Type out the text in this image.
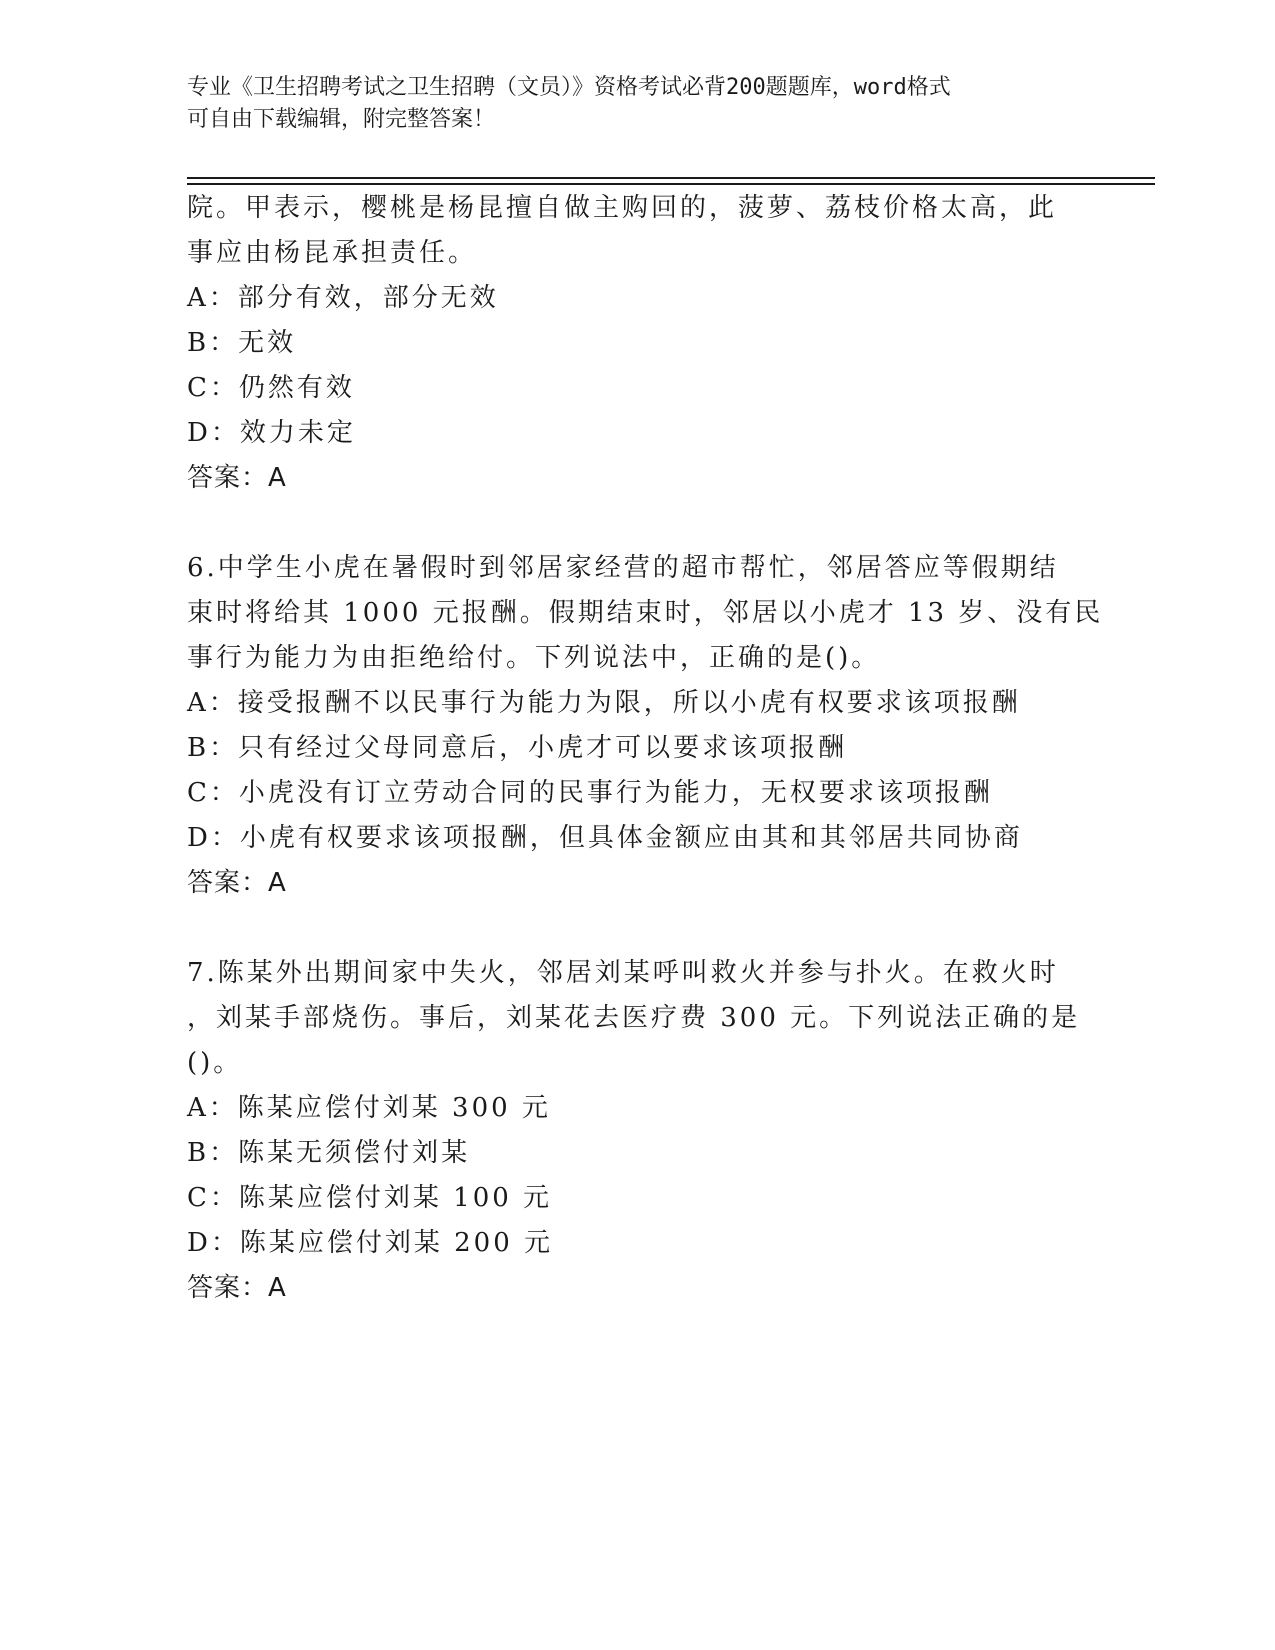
专业《卫生招聘考试之卫生招聘（文员）》资格考试必背200题题库，word格式
可自由下载编辑，附完整答案！
院。甲表示，樱桃是杨昆擅自做主购回的，菠萝、荔枝价格太高，此
事应由杨昆承担责任。
A：部分有效，部分无效
B：无效
C：仍然有效
D：效力未定
答案：A
6.中学生小虎在暑假时到邻居家经营的超市帮忙，邻居答应等假期结
束时将给其 1000 元报酬。假期结束时，邻居以小虎才 13 岁、没有民
事行为能力为由拒绝给付。下列说法中，正确的是()。
A：接受报酬不以民事行为能力为限，所以小虎有权要求该项报酬
B：只有经过父母同意后，小虎才可以要求该项报酬
C：小虎没有订立劳动合同的民事行为能力，无权要求该项报酬
D：小虎有权要求该项报酬，但具体金额应由其和其邻居共同协商
答案：A
7.陈某外出期间家中失火，邻居刘某呼叫救火并参与扑火。在救火时
，刘某手部烧伤。事后，刘某花去医疗费 300 元。下列说法正确的是
()。
A：陈某应偿付刘某 300 元
B：陈某无须偿付刘某
C：陈某应偿付刘某 100 元
D：陈某应偿付刘某 200 元
答案：A
